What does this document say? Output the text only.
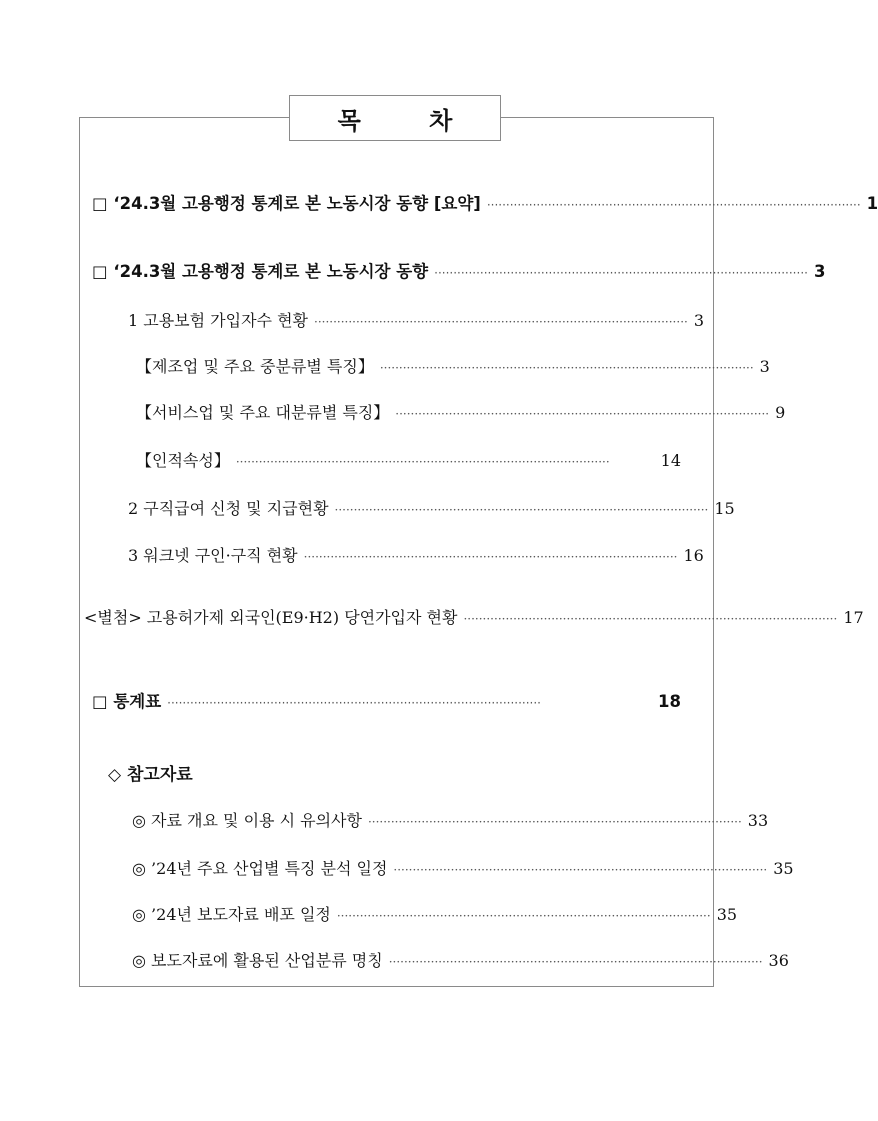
목 차
□ ‘24.3월 고용행정 통계로 본 노동시장 동향 [요약] ·································································································· 1
□ ‘24.3월 고용행정 통계로 본 노동시장 동향 ·································································································· 3
1 고용보험 가입자수 현황 ·································································································· 3
【제조업 및 주요 중분류별 특징】 ·································································································· 3
【서비스업 및 주요 대분류별 특징】 ·································································································· 9
【인적속성】 ··································································································	14
2 구직급여 신청 및 지급현황 ·································································································· 15
3 워크넷 구인·구직 현황 ·································································································· 16
<별첨> 고용허가제 외국인(E9·H2) 당연가입자 현황 ·································································································· 17
□ 통계표 ··································································································	18
◇ 참고자료
◎ 자료 개요 및 이용 시 유의사항 ·································································································· 33
◎ ’24년 주요 산업별 특징 분석 일정 ·································································································· 35
◎ ’24년 보도자료 배포 일정 ·································································································· 35
◎ 보도자료에 활용된 산업분류 명칭 ·································································································· 36
